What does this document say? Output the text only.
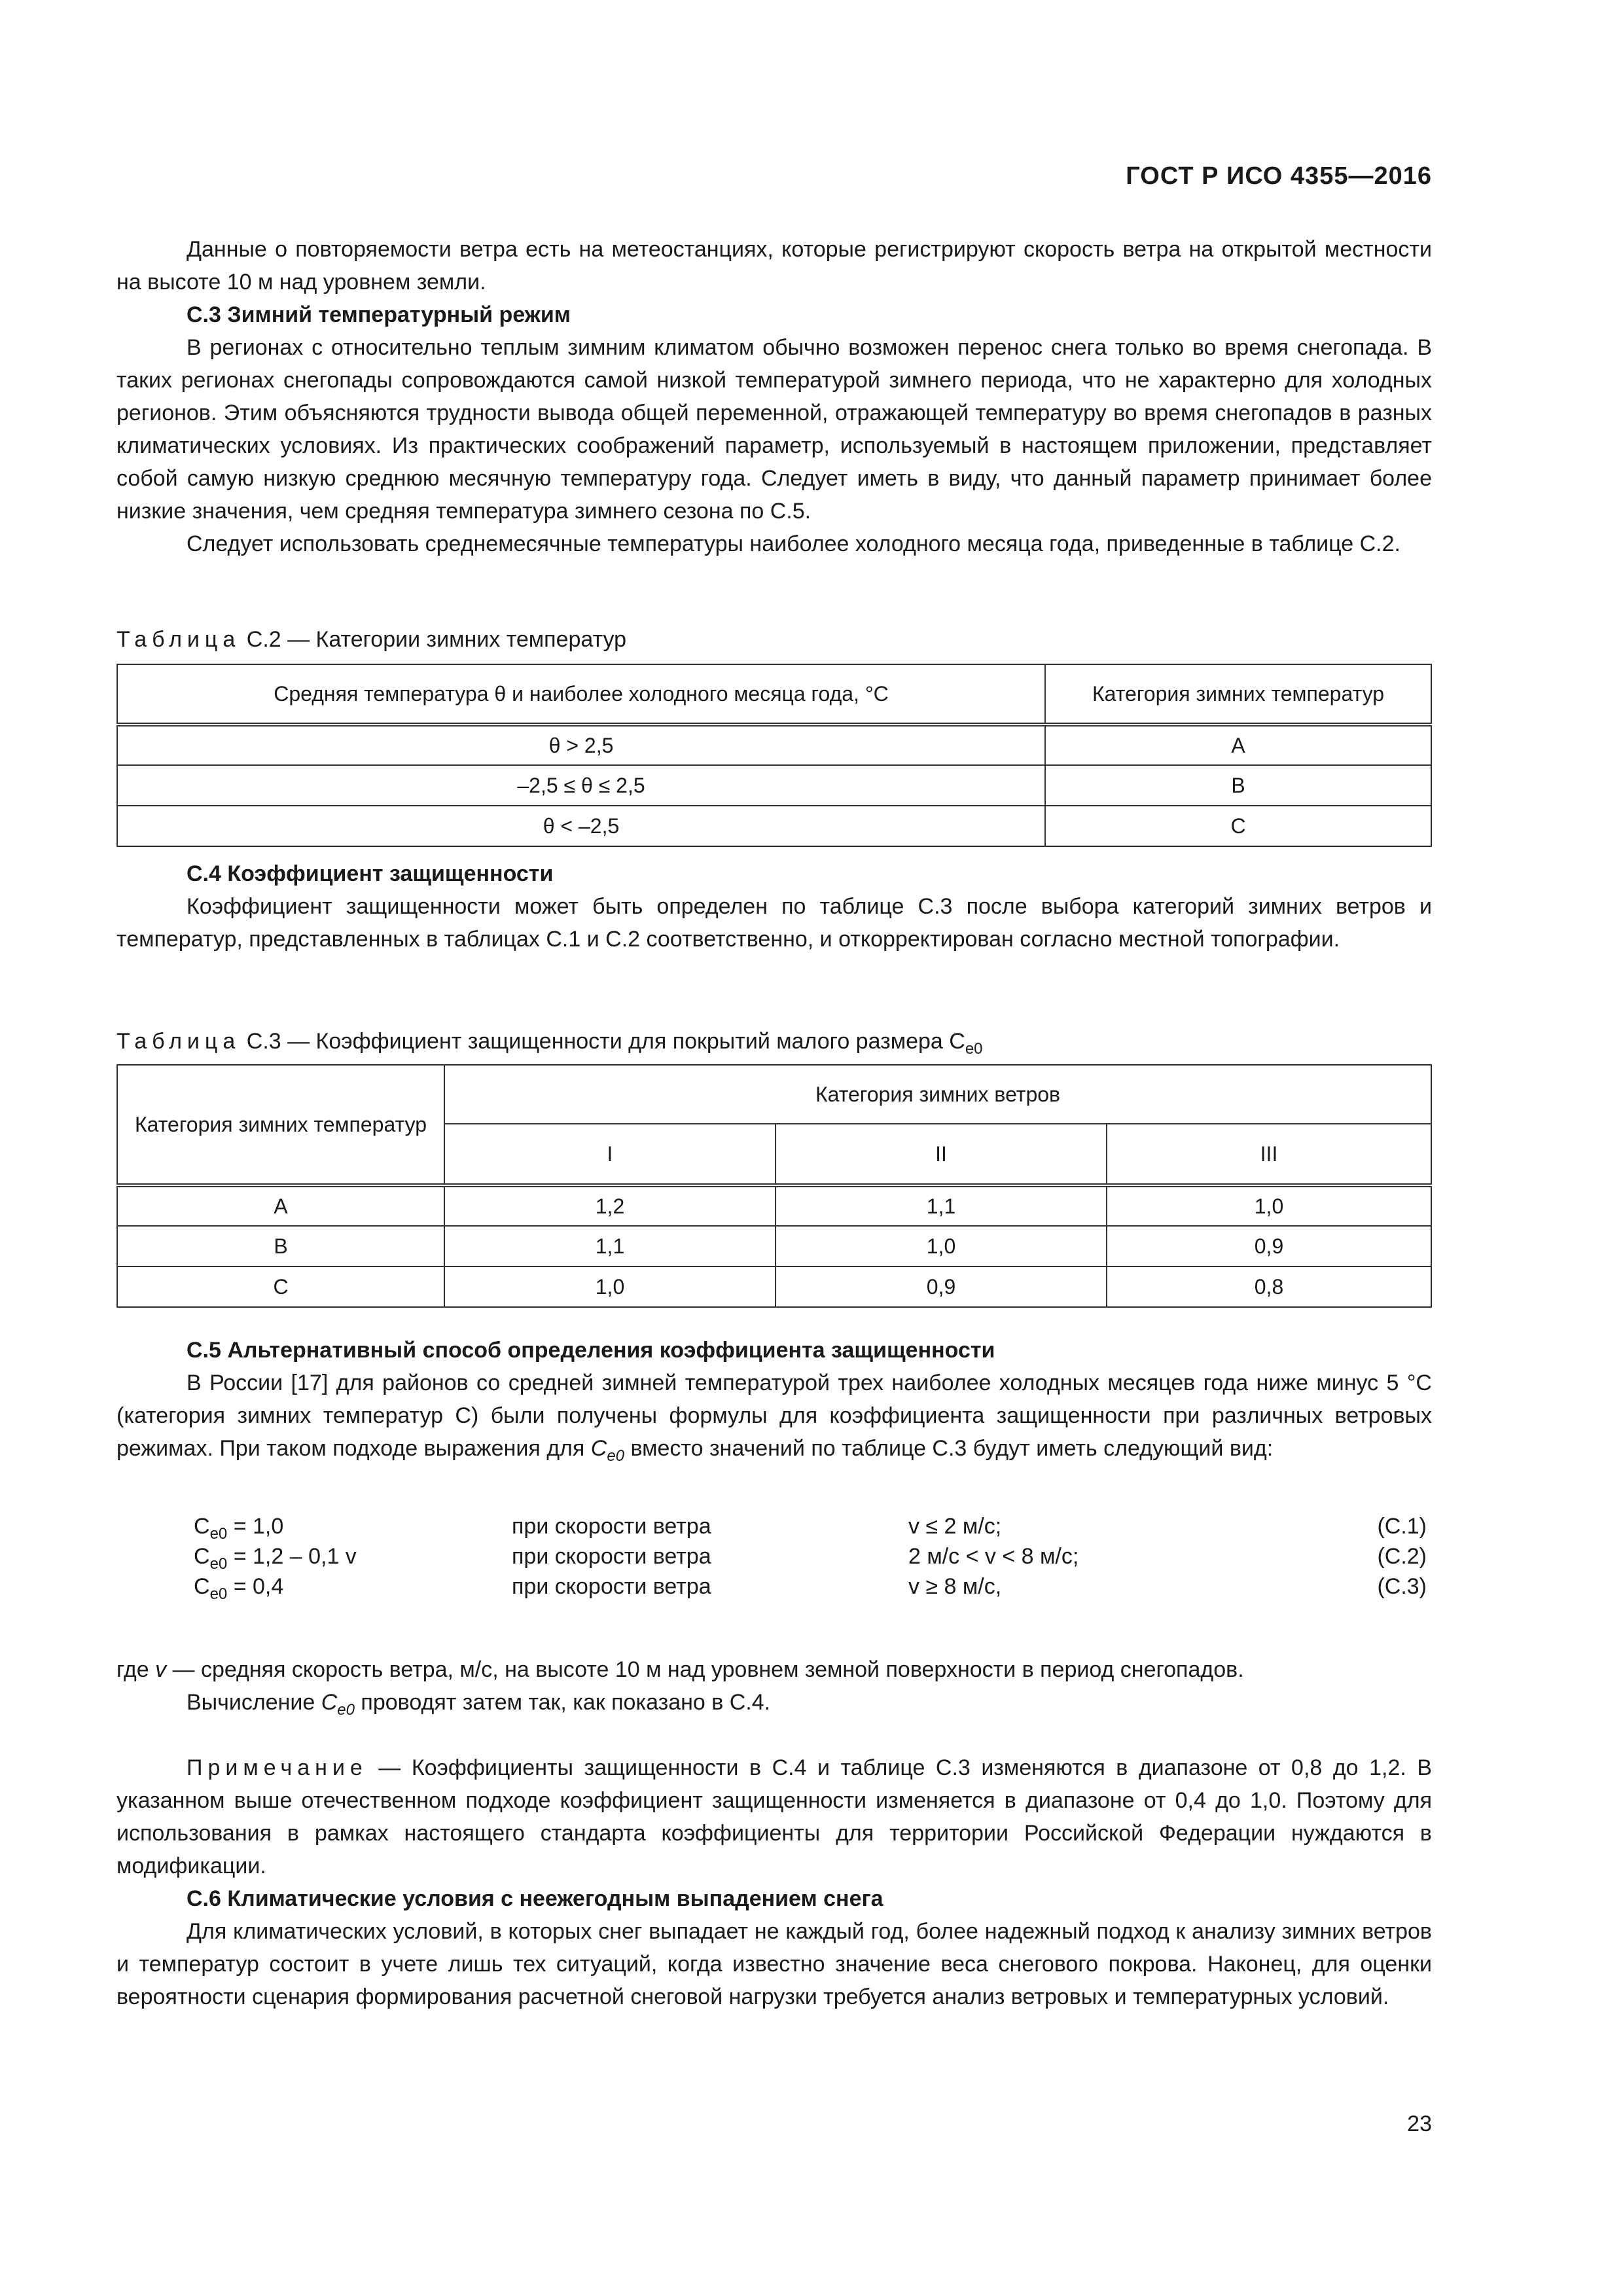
ГОСТ Р ИСО 4355—2016

Данные о повторяемости ветра есть на метеостанциях, которые регистрируют скорость ветра на открытой местности на высоте 10 м над уровнем земли.

С.3 Зимний температурный режим

В регионах с относительно теплым зимним климатом обычно возможен перенос снега только во время снегопада. В таких регионах снегопады сопровождаются самой низкой температурой зимнего периода, что не характерно для холодных регионов. Этим объясняются трудности вывода общей переменной, отражающей температуру во время снегопадов в разных климатических условиях. Из практических соображений параметр, используемый в настоящем приложении, представляет собой самую низкую среднюю месячную температуру года. Следует иметь в виду, что данный параметр принимает более низкие значения, чем средняя температура зимнего сезона по С.5.

Следует использовать среднемесячные температуры наиболее холодного месяца года, приведенные в таблице С.2.

Таблица С.2 — Категории зимних температур

Средняя температура θ и наиболее холодного месяца года, °С	Категория зимних температур
θ > 2,5	A
–2,5 ≤ θ ≤ 2,5	B
θ < –2,5	C
С.4 Коэффициент защищенности

Коэффициент защищенности может быть определен по таблице С.3 после выбора категорий зимних ветров и температур, представленных в таблицах С.1 и С.2 соответственно, и откорректирован согласно местной топографии.

Таблица С.3 — Коэффициент защищенности для покрытий малого размера $C_{e0}$

Категория зимних температур	Категория зимних ветров		
	I	II	III
A	1,2	1,1	1,0
B	1,1	1,0	0,9
C	1,0	0,9	0,8
С.5 Альтернативный способ определения коэффициента защищенности

В России [17] для районов со средней зимней температурой трех наиболее холодных месяцев года ниже минус 5 °С (категория зимних температур С) были получены формулы для коэффициента защищенности при различных ветровых режимах. При таком подходе выражения для $C_{e0}$ вместо значений по таблице С.3 будут иметь следующий вид:

$C_{e0} = 1,0$	при скорости ветра	v ≤ 2 м/с;	(С.1)
$C_{e0} = 1,2 - 0,1$ v	при скорости ветра	2 м/с < v < 8 м/с;	(С.2)
$C_{e0} = 0,4$	при скорости ветра	v ≥ 8 м/с,	(С.3)

где v — средняя скорость ветра, м/с, на высоте 10 м над уровнем земной поверхности в период снегопадов.

Вычисление $C_{e0}$ проводят затем так, как показано в С.4.

Примечание — Коэффициенты защищенности в С.4 и таблице С.3 изменяются в диапазоне от 0,8 до 1,2. В указанном выше отечественном подходе коэффициент защищенности изменяется в диапазоне от 0,4 до 1,0. Поэтому для использования в рамках настоящего стандарта коэффициенты для территории Российской Федерации нуждаются в модификации.

С.6 Климатические условия с неежегодным выпадением снега

Для климатических условий, в которых снег выпадает не каждый год, более надежный подход к анализу зимних ветров и температур состоит в учете лишь тех ситуаций, когда известно значение веса снегового покрова. Наконец, для оценки вероятности сценария формирования расчетной снеговой нагрузки требуется анализ ветровых и температурных условий.

23
